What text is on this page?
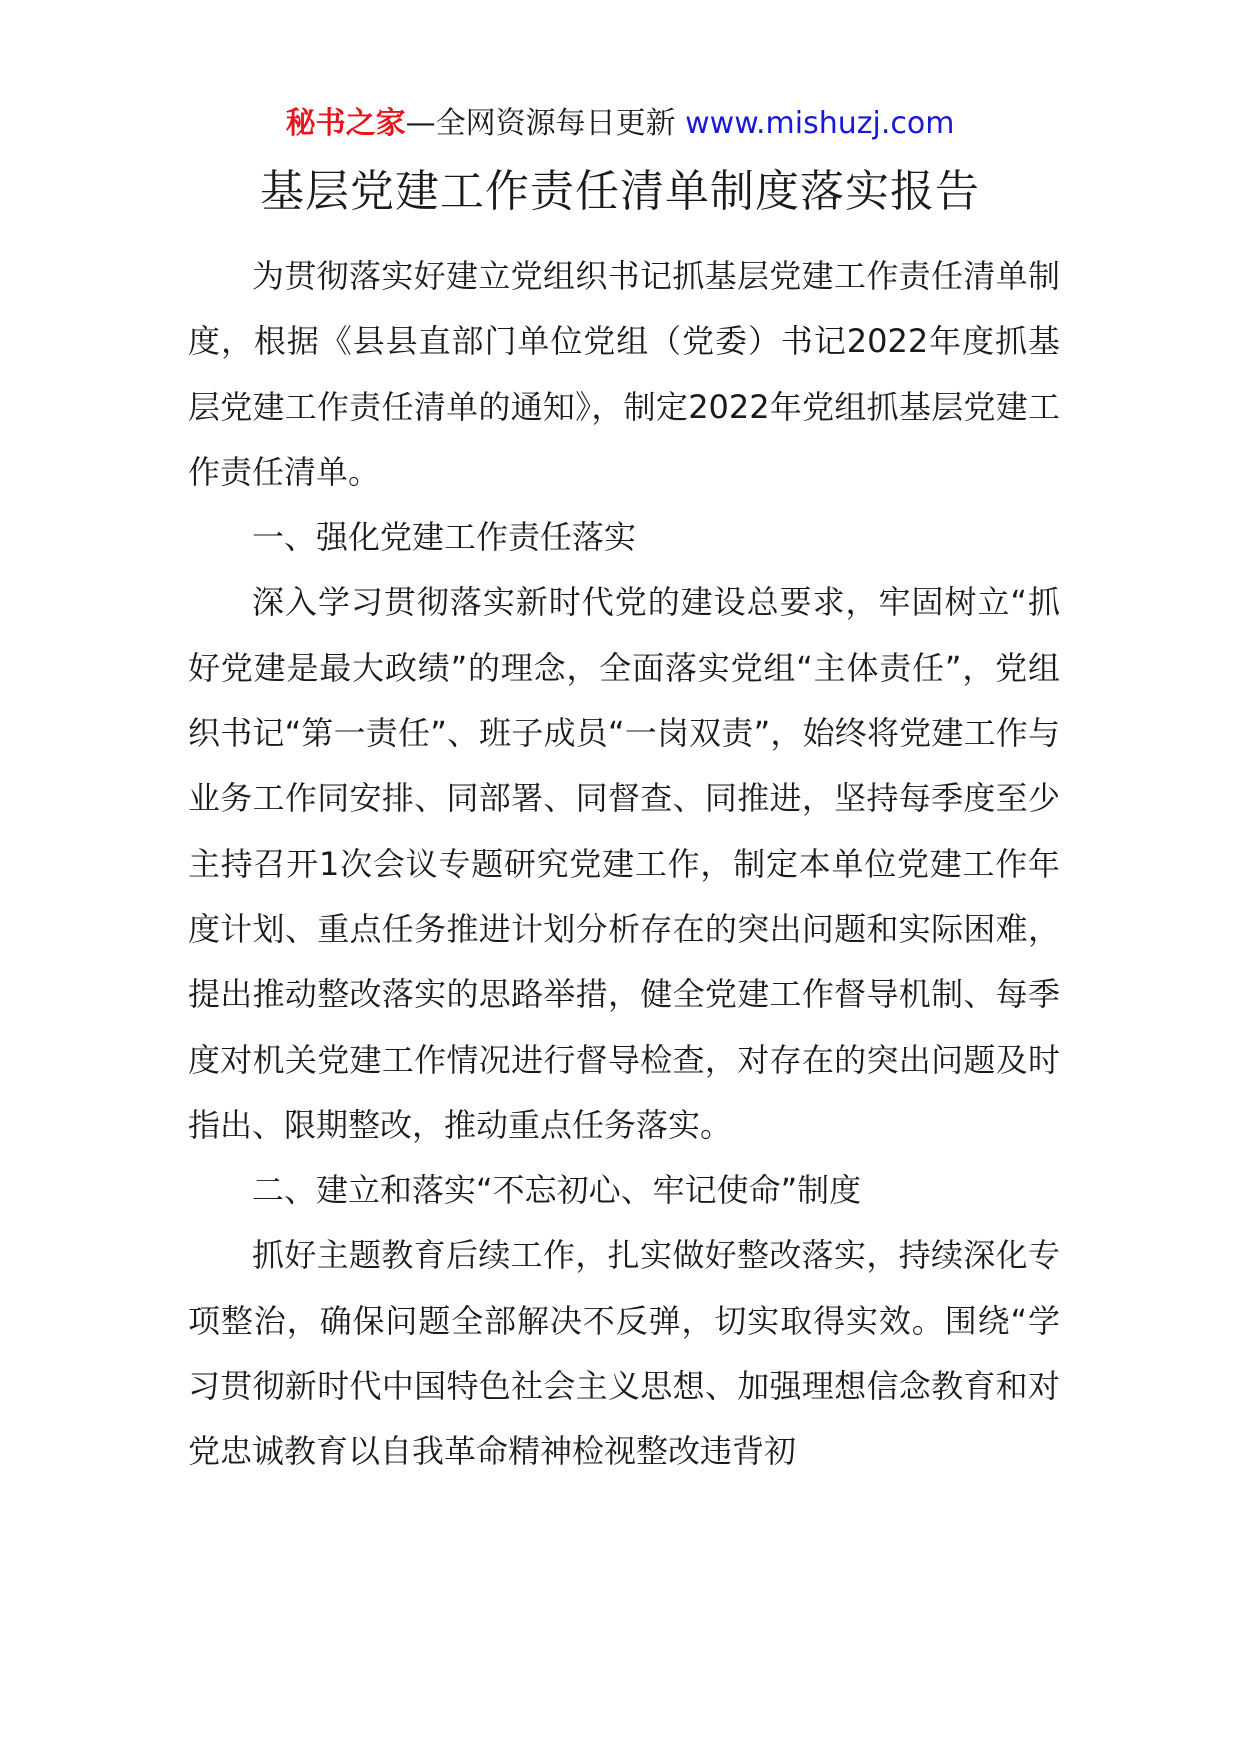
秘书之家—全网资源每日更新 www.mishuzj.com
基层党建工作责任清单制度落实报告

为贯彻落实好建立党组织书记抓基层党建工作责任清单制度，根据《县县直部门单位党组（党委）书记2022年度抓基层党建工作责任清单的通知》，制定2022年党组抓基层党建工作责任清单。

一、强化党建工作责任落实

深入学习贯彻落实新时代党的建设总要求，牢固树立“抓好党建是最大政绩”的理念，全面落实党组“主体责任”，党组织书记“第一责任”、班子成员“一岗双责”，始终将党建工作与业务工作同安排、同部署、同督查、同推进，坚持每季度至少主持召开1次会议专题研究党建工作，制定本单位党建工作年度计划、重点任务推进计划分析存在的突出问题和实际困难，提出推动整改落实的思路举措，健全党建工作督导机制、每季度对机关党建工作情况进行督导检查，对存在的突出问题及时指出、限期整改，推动重点任务落实。

二、建立和落实“不忘初心、牢记使命”制度

抓好主题教育后续工作，扎实做好整改落实，持续深化专项整治，确保问题全部解决不反弹，切实取得实效。围绕“学习贯彻新时代中国特色社会主义思想、加强理想信念教育和对党忠诚教育以自我革命精神检视整改违背初
